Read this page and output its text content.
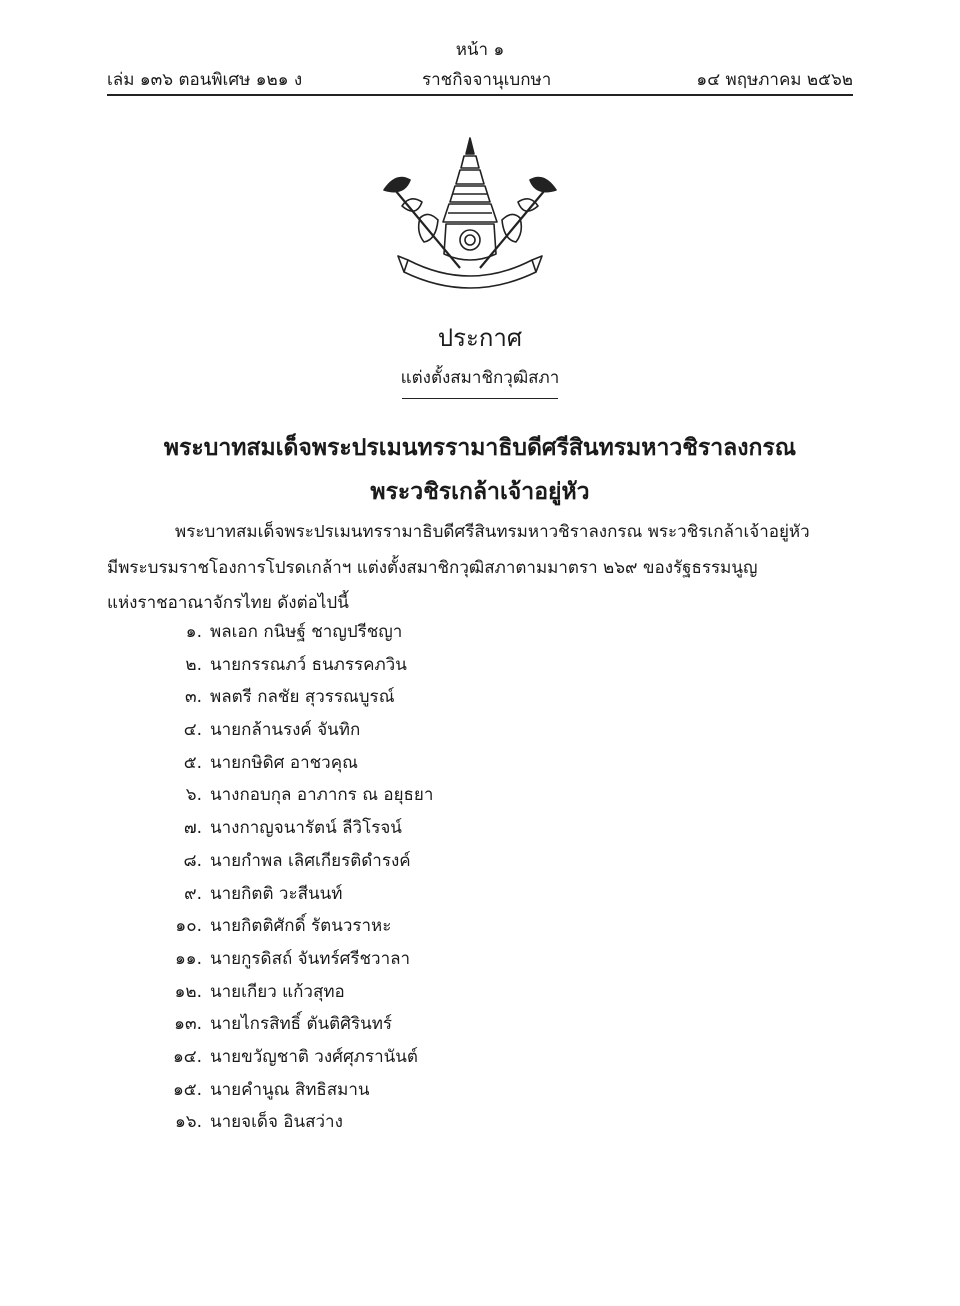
หน้า ๑
เล่ม ๑๓๖ ตอนพิเศษ ๑๒๑ ง	ราชกิจจานุเบกษา	๑๔ พฤษภาคม ๒๕๖๒
ประกาศ
แต่งตั้งสมาชิกวุฒิสภา
พระบาทสมเด็จพระปรเมนทรรามาธิบดีศรีสินทรมหาวชิราลงกรณ
พระวชิรเกล้าเจ้าอยู่หัว
พระบาทสมเด็จพระปรเมนทรรามาธิบดีศรีสินทรมหาวชิราลงกรณ พระวชิรเกล้าเจ้าอยู่หัว
มีพระบรมราชโองการโปรดเกล้าฯ แต่งตั้งสมาชิกวุฒิสภาตามมาตรา ๒๖๙ ของรัฐธรรมนูญ
แห่งราชอาณาจักรไทย ดังต่อไปนี้
๑. พลเอก กนิษฐ์ ชาญปรีชญา
๒. นายกรรณภว์ ธนภรรคภวิน
๓. พลตรี กลชัย สุวรรณบูรณ์
๔. นายกล้านรงค์ จันทิก
๕. นายกษิดิศ อาชวคุณ
๖. นางกอบกุล อาภากร ณ อยุธยา
๗. นางกาญจนารัตน์ ลีวิโรจน์
๘. นายกำพล เลิศเกียรติดำรงค์
๙. นายกิตติ วะสีนนท์
๑๐. นายกิตติศักดิ์ รัตนวราหะ
๑๑. นายกูรดิสถ์ จันทร์ศรีชวาลา
๑๒. นายเกียว แก้วสุทอ
๑๓. นายไกรสิทธิ์ ตันติศิรินทร์
๑๔. นายขวัญชาติ วงศ์ศุภรานันต์
๑๕. นายคำนูณ สิทธิสมาน
๑๖. นายจเด็จ อินสว่าง
